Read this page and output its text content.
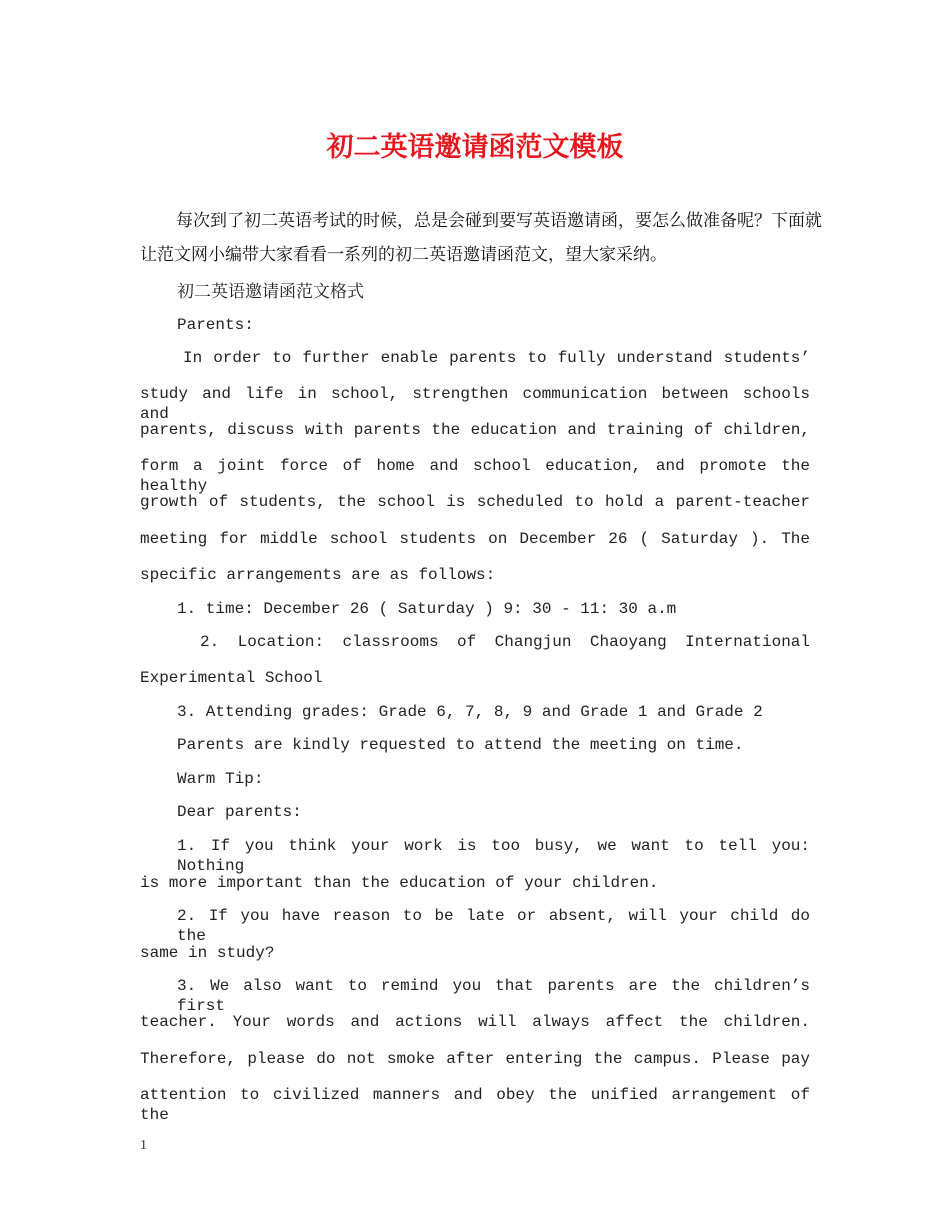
初二英语邀请函范文模板

每次到了初二英语考试的时候，总是会碰到要写英语邀请函，要怎么做准备呢？下面就让范文网小编带大家看看一系列的初二英语邀请函范文，望大家采纳。

初二英语邀请函范文格式

Parents:

In order to further enable parents to fully understand students’

study and life in school, strengthen communication between schools and

parents, discuss with parents the education and training of children,

form a joint force of home and school education, and promote the healthy

growth of students, the school is scheduled to hold a parent-teacher

meeting for middle school students on December 26 ( Saturday ). The

specific arrangements are as follows:

1. time: December 26 ( Saturday ) 9: 30 - 11: 30 a.m

2. Location: classrooms of Changjun Chaoyang International

Experimental School

3. Attending grades: Grade 6, 7, 8, 9 and Grade 1 and Grade 2

Parents are kindly requested to attend the meeting on time.

Warm Tip:

Dear parents:

1. If you think your work is too busy, we want to tell you: Nothing

is more important than the education of your children.

2. If you have reason to be late or absent, will your child do the

same in study?

3. We also want to remind you that parents are the children’s first

teacher. Your words and actions will always affect the children.

Therefore, please do not smoke after entering the campus. Please pay

attention to civilized manners and obey the unified arrangement of the

1
